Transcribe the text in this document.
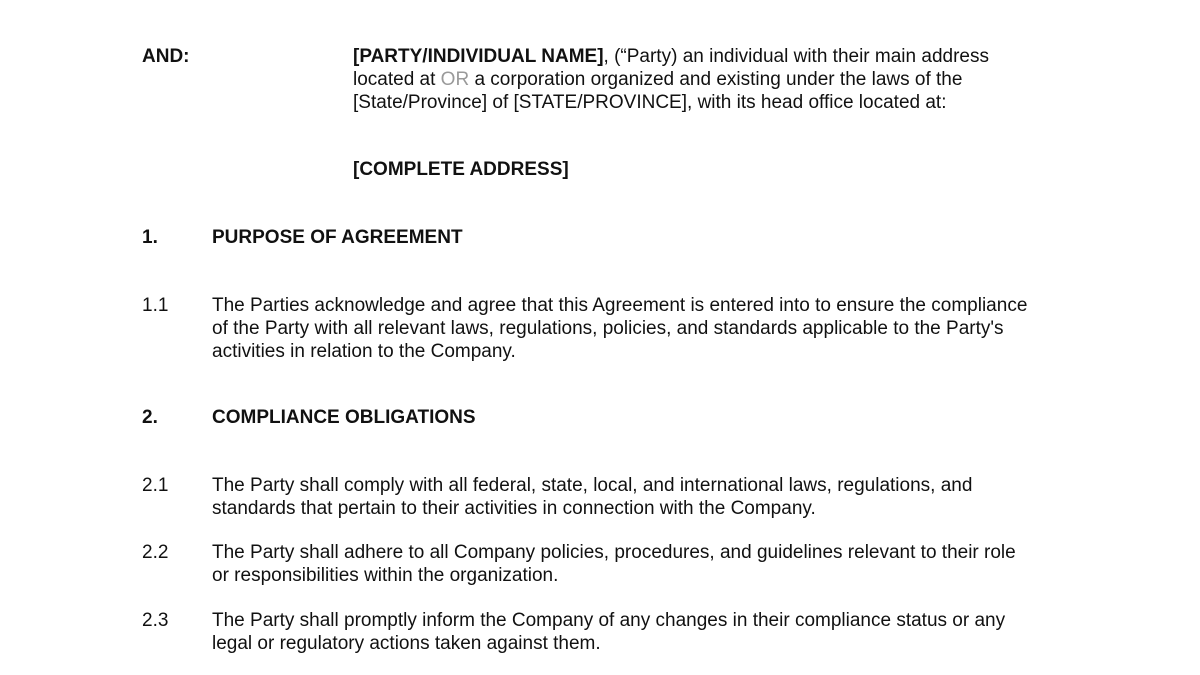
AND:	[PARTY/INDIVIDUAL NAME], (“Party) an individual with their main address
located at OR a corporation organized and existing under the laws of the
[State/Province] of [STATE/PROVINCE], with its head office located at:
[COMPLETE ADDRESS]
1.	PURPOSE OF AGREEMENT
1.1 The Parties acknowledge and agree that this Agreement is entered into to ensure the compliance
of the Party with all relevant laws, regulations, policies, and standards applicable to the Party's
activities in relation to the Company.
2.	COMPLIANCE OBLIGATIONS
2.1 The Party shall comply with all federal, state, local, and international laws, regulations, and
standards that pertain to their activities in connection with the Company.
2.2 The Party shall adhere to all Company policies, procedures, and guidelines relevant to their role
or responsibilities within the organization.
2.3 The Party shall promptly inform the Company of any changes in their compliance status or any
legal or regulatory actions taken against them.
